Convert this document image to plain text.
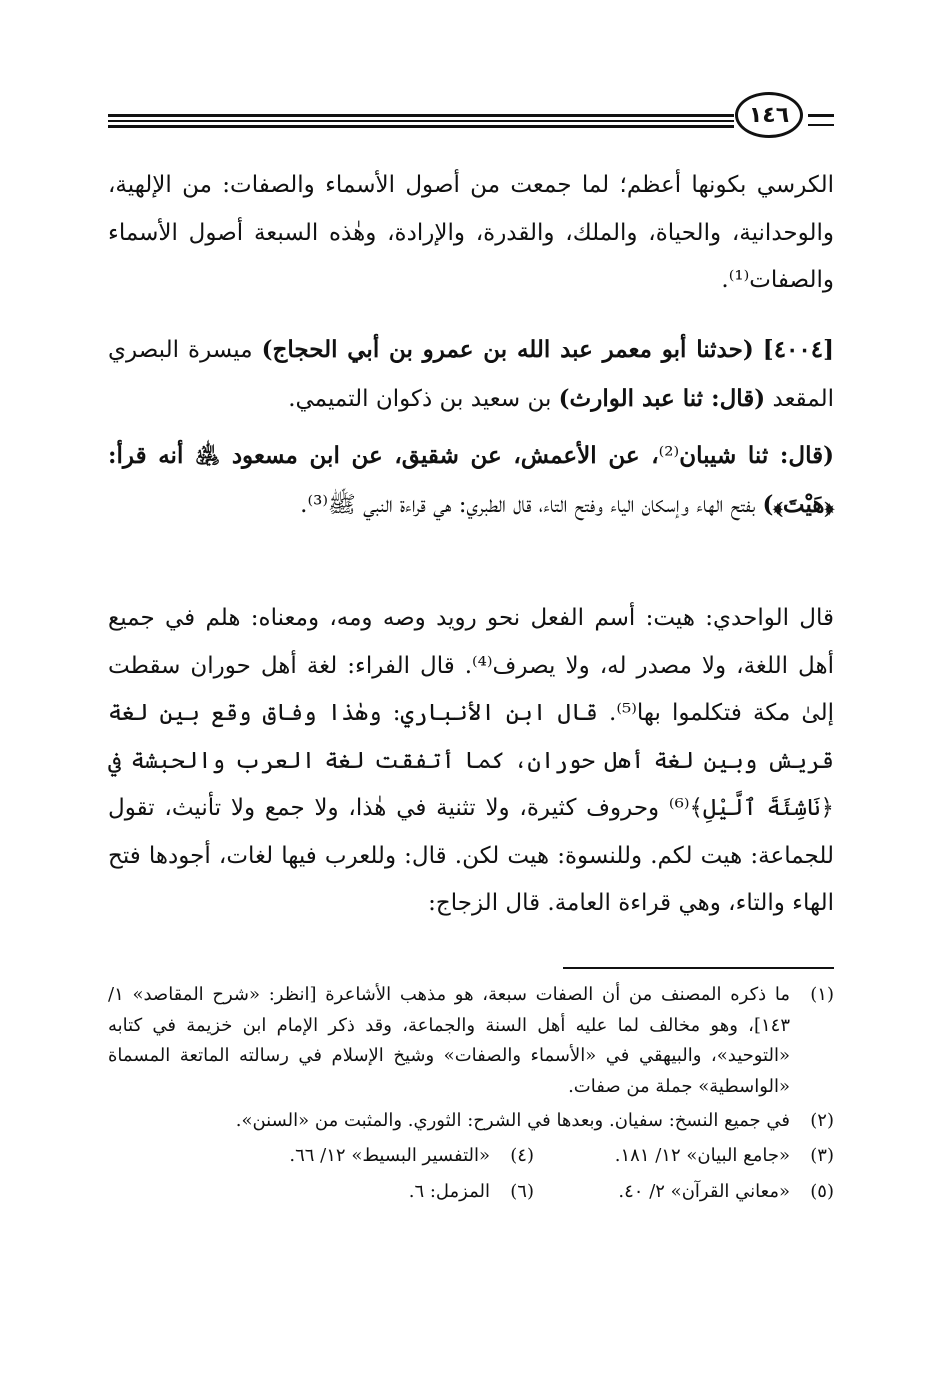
١٤٦

الكرسي بكونها أعظم؛ لما جمعت من أصول الأسماء والصفات: من الإلهية، والوحدانية، والحياة، والملك، والقدرة، والإرادة، وهٰذه السبعة أصول الأسماء والصفات⁽¹⁾.

[٤٠٠٤] (حدثنا أبو معمر عبد الله بن عمرو بن أبي الحجاج) ميسرة البصري المقعد (قال: ثنا عبد الوارث) بن سعيد بن ذكوان التميمي.

(قال: ثنا شيبان⁽²⁾، عن الأعمش، عن شقيق، عن ابن مسعود ﵁ أنه قرأ: ﴿هَيْتَ﴾) بفتح الهاء وإسكان الياء وفتح التاء، قال الطبري: هي قراءة النبي ﷺ⁽³⁾.

قال الواحدي: هيت: أسم الفعل نحو رويد وصه ومه، ومعناه: هلم في جميع أهل اللغة، ولا مصدر له، ولا يصرف⁽⁴⁾. قال الفراء: لغة أهل حوران سقطت إلىٰ مكة فتكلموا بها⁽⁵⁾. قال ابن الأنباري: وهٰذا وفاق وقع بين لغة قريش وبين لغة أهل حوران، كما أتفقت لغة العرب والحبشة في ﴿نَاشِئَةَ ٱلَّيْلِ﴾⁽⁶⁾ وحروف كثيرة، ولا تثنية في هٰذا، ولا جمع ولا تأنيث، تقول للجماعة: هيت لكم. وللنسوة: هيت لكن. قال: وللعرب فيها لغات، أجودها فتح الهاء والتاء، وهي قراءة العامة. قال الزجاج:

(١)
ما ذكره المصنف من أن الصفات سبعة، هو مذهب الأشاعرة [انظر: «شرح المقاصد» ١/ ١٤٣]، وهو مخالف لما عليه أهل السنة والجماعة، وقد ذكر الإمام ابن خزيمة في كتابه «التوحيد»، والبيهقي في «الأسماء والصفات» وشيخ الإسلام في رسالته الماتعة المسماة «الواسطية» جملة من صفات.
(٢)
في جميع النسخ: سفيان. وبعدها في الشرح: الثوري. والمثبت من «السنن».
(٣)
«جامع البيان» ١٢/ ١٨١.
(٤)
«التفسير البسيط» ١٢/ ٦٦.
(٥)
«معاني القرآن» ٢/ ٤٠.
(٦)
المزمل: ٦.
